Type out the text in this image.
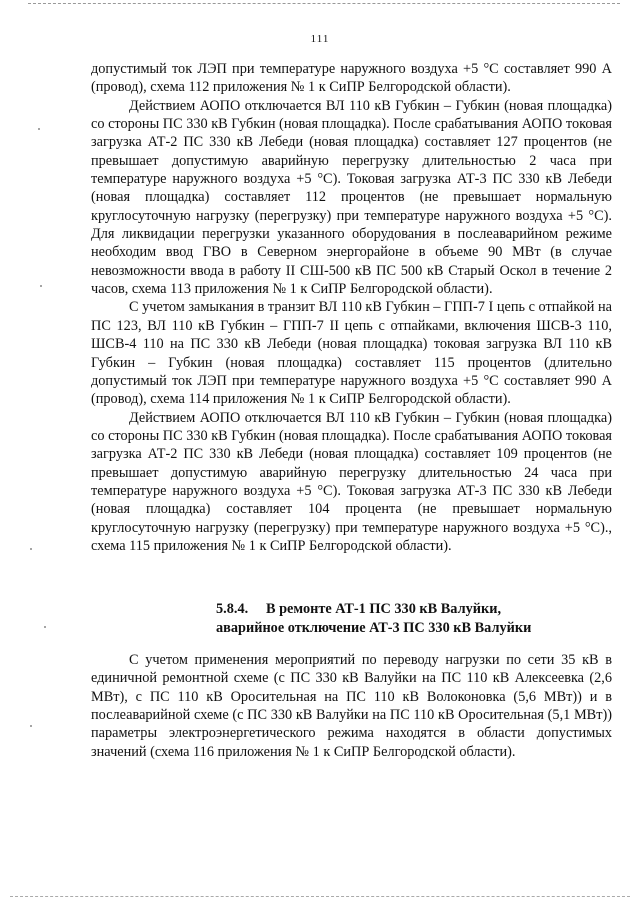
111

допустимый ток ЛЭП при температуре наружного воздуха +5 °С составляет 990 А (провод), схема 112 приложения № 1 к СиПР Белгородской области).

Действием АОПО отключается ВЛ 110 кВ Губкин – Губкин (новая площадка) со стороны ПС 330 кВ Губкин (новая площадка). После срабатывания АОПО токовая загрузка АТ-2 ПС 330 кВ Лебеди (новая площадка) составляет 127 процентов (не превышает допустимую аварийную перегрузку длительностью 2 часа при температуре наружного воздуха +5 °С). Токовая загрузка АТ-3 ПС 330 кВ Лебеди (новая площадка) составляет 112 процентов (не превышает нормальную круглосуточную нагрузку (перегрузку) при температуре наружного воздуха +5 °С). Для ликвидации перегрузки указанного оборудования в послеаварийном режиме необходим ввод ГВО в Северном энергорайоне в объеме 90 МВт (в случае невозможности ввода в работу II СШ-500 кВ ПС 500 кВ Старый Оскол в течение 2 часов, схема 113 приложения № 1 к СиПР Белгородской области).

С учетом замыкания в транзит ВЛ 110 кВ Губкин – ГПП-7 I цепь с отпайкой на ПС 123, ВЛ 110 кВ Губкин – ГПП-7 II цепь с отпайками, включения ШСВ-3 110, ШСВ-4 110 на ПС 330 кВ Лебеди (новая площадка) токовая загрузка ВЛ 110 кВ Губкин – Губкин (новая площадка) составляет 115 процентов (длительно допустимый ток ЛЭП при температуре наружного воздуха +5 °С составляет 990 А (провод), схема 114 приложения № 1 к СиПР Белгородской области).

Действием АОПО отключается ВЛ 110 кВ Губкин – Губкин (новая площадка) со стороны ПС 330 кВ Губкин (новая площадка). После срабатывания АОПО токовая загрузка АТ-2 ПС 330 кВ Лебеди (новая площадка) составляет 109 процентов (не превышает допустимую аварийную перегрузку длительностью 24 часа при температуре наружного воздуха +5 °С). Токовая загрузка АТ-3 ПС 330 кВ Лебеди (новая площадка) составляет 104 процента (не превышает нормальную круглосуточную нагрузку (перегрузку) при температуре наружного воздуха +5 °С)., схема 115 приложения № 1 к СиПР Белгородской области).

5.8.4. В ремонте АТ-1 ПС 330 кВ Валуйки,
аварийное отключение АТ-3 ПС 330 кВ Валуйки

С учетом применения мероприятий по переводу нагрузки по сети 35 кВ в единичной ремонтной схеме (с ПС 330 кВ Валуйки на ПС 110 кВ Алексеевка (2,6 МВт), с ПС 110 кВ Оросительная на ПС 110 кВ Волоконовка (5,6 МВт)) и в послеаварийной схеме (с ПС 330 кВ Валуйки на ПС 110 кВ Оросительная (5,1 МВт)) параметры электроэнергетического режима находятся в области допустимых значений (схема 116 приложения № 1 к СиПР Белгородской области).
